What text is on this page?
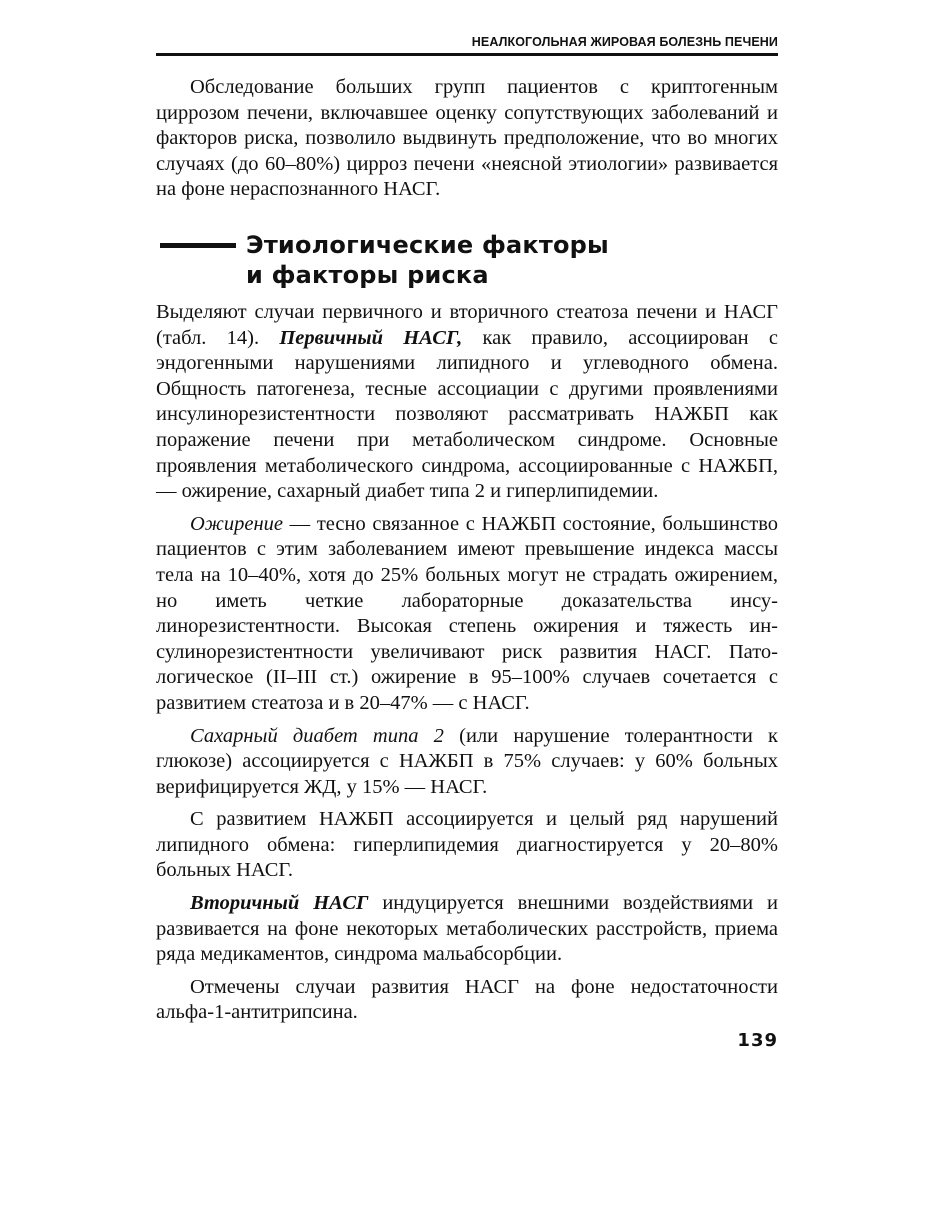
НЕАЛКОГОЛЬНАЯ ЖИРОВАЯ БОЛЕЗНЬ ПЕЧЕНИ

Обследование больших групп пациентов с криптогенным циррозом печени, включавшее оценку сопутствующих заболеваний и факторов риска, позволило выдвинуть предположение, что во многих случаях (до 60–80%) цирроз печени «неясной этиологии» развивается на фоне нераспознанного НАСГ.

Этиологические факторы
и факторы риска

Выделяют случаи первичного и вторичного стеатоза печени и НАСГ (табл. 14). Первичный НАСГ, как правило, ассоциирован с эндогенными нарушениями липидного и углеводного обмена. Общность патогенеза, тесные ассоциации с другими проявлениями инсулинорезистентности позволяют рассматривать НАЖБП как поражение печени при метаболическом синдроме. Основные проявления метаболического синдрома, ассоциированные с НАЖБП, — ожирение, сахарный диабет типа 2 и гиперлипидемии.

Ожирение — тесно связанное с НАЖБП состояние, большинство пациентов с этим заболеванием имеют превышение индекса массы тела на 10–40%, хотя до 25% больных могут не страдать ожирением, но иметь четкие лабораторные доказательства инсулинорезистентности. Высокая степень ожирения и тяжесть инсулинорезистентности увеличивают риск развития НАСГ. Патологическое (II–III ст.) ожирение в 95–100% случаев сочетается с развитием стеатоза и в 20–47% — с НАСГ.

Сахарный диабет типа 2 (или нарушение толерантности к глюкозе) ассоциируется с НАЖБП в 75% случаев: у 60% больных верифицируется ЖД, у 15% — НАСГ.

С развитием НАЖБП ассоциируется и целый ряд нарушений липидного обмена: гиперлипидемия диагностируется у 20–80% больных НАСГ.

Вторичный НАСГ индуцируется внешними воздействиями и развивается на фоне некоторых метаболических расстройств, приема ряда медикаментов, синдрома мальабсорбции.

Отмечены случаи развития НАСГ на фоне недостаточности альфа-1-антитрипсина.

139
